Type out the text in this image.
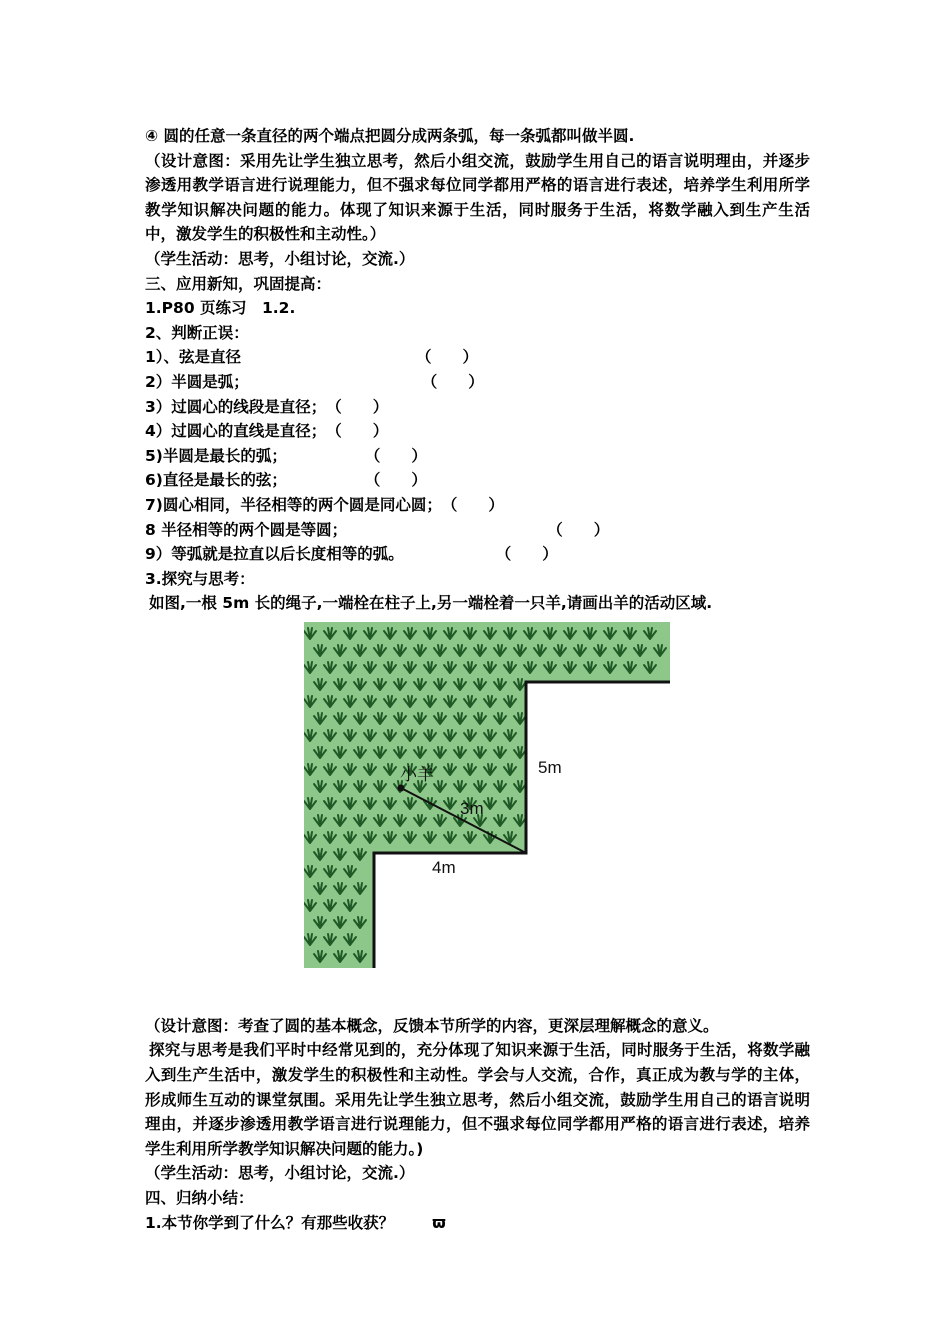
④ 圆的任意一条直径的两个端点把圆分成两条弧，每一条弧都叫做半圆.
（设计意图：采用先让学生独立思考，然后小组交流，鼓励学生用自己的语言说明理由，并逐步渗透用教学语言进行说理能力，但不强求每位同学都用严格的语言进行表述，培养学生利用所学教学知识解决问题的能力。体现了知识来源于生活，同时服务于生活，将数学融入到生产生活中，激发学生的积极性和主动性。）
（学生活动：思考，小组讨论，交流.）
三、应用新知，巩固提高：
1.P80 页练习　1.2.
2、判断正误：
1）、弦是直径	（　　）
2）半圆是弧；	（　　）
3）过圆心的线段是直径；（　　）
4）过圆心的直线是直径；（　　）
5)半圆是最长的弧；	（　　）
6)直径是最长的弦；	（　　）
7)圆心相同，半径相等的两个圆是同心圆；（　　）
8 半径相等的两个圆是等圆；	（　　）
9）等弧就是拉直以后长度相等的弧。	（　　）
3.探究与思考：
如图,一根 5m 长的绳子,一端栓在柱子上,另一端栓着一只羊,请画出羊的活动区域.
（设计意图：考查了圆的基本概念，反馈本节所学的内容，更深层理解概念的意义。
探究与思考是我们平时中经常见到的，充分体现了知识来源于生活，同时服务于生活，将数学融入到生产生活中，激发学生的积极性和主动性。学会与人交流，合作，真正成为教与学的主体，形成师生互动的课堂氛围。采用先让学生独立思考，然后小组交流，鼓励学生用自己的语言说明理由，并逐步渗透用教学语言进行说理能力，但不强求每位同学都用严格的语言进行表述，培养学生利用所学教学知识解决问题的能力。)
（学生活动：思考，小组讨论，交流.）
四、归纳小结：
1.本节你学到了什么？有那些收获？ ϖ
小羊
3m
4m
5m
